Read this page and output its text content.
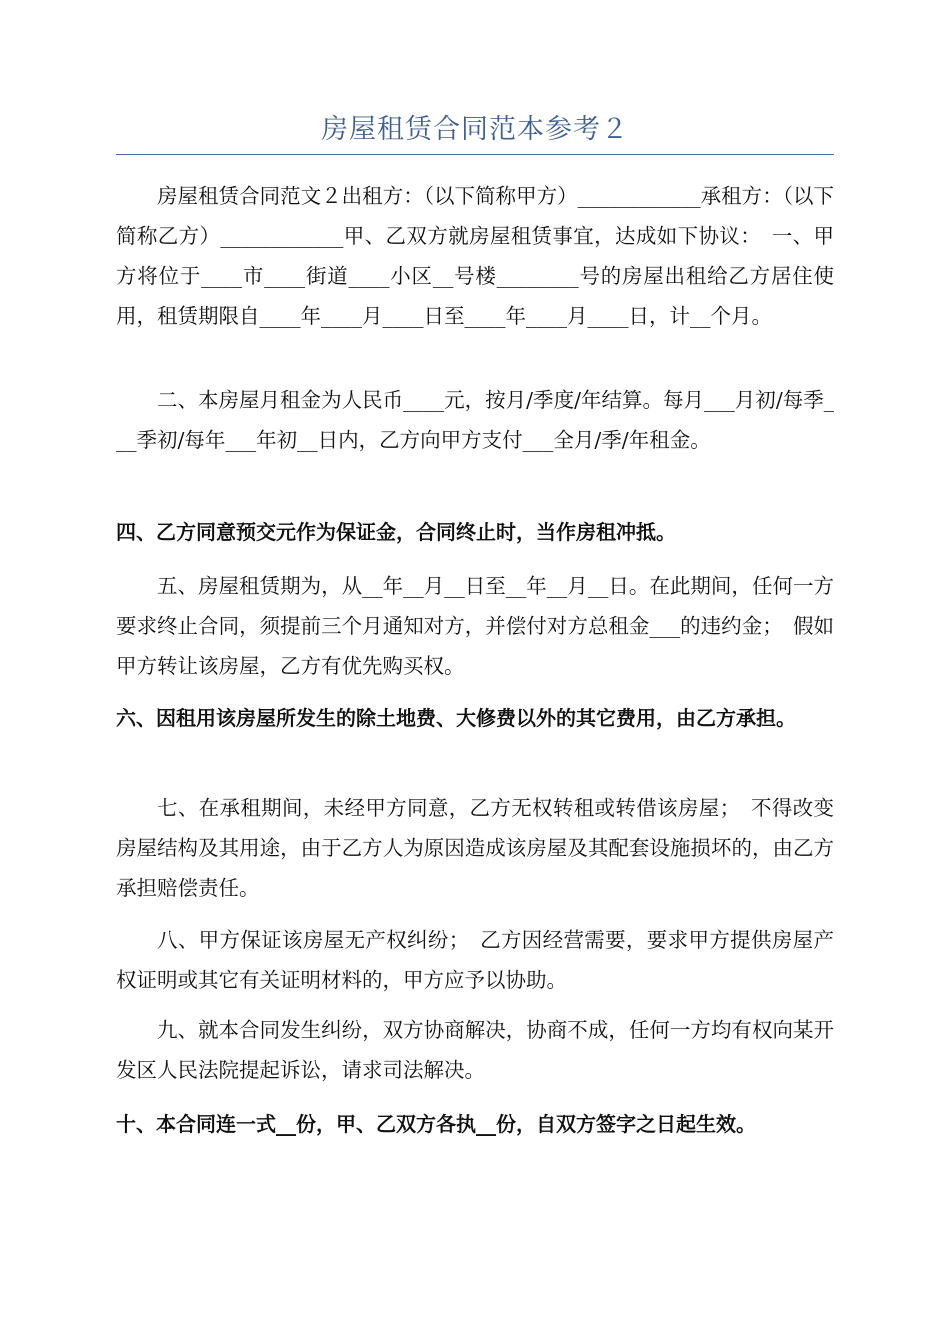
房屋租赁合同范本参考２

房屋租赁合同范文２出租方：（以下简称甲方）____________承租方：（以下简称乙方）____________甲、乙双方就房屋租赁事宜，达成如下协议：　一、甲方将位于____市____街道____小区__号楼________号的房屋出租给乙方居住使用，租赁期限自____年____月____日至____年____月____日，计__个月。

二、本房屋月租金为人民币____元，按月/季度/年结算。每月___月初/每季___季初/每年___年初__日内，乙方向甲方支付___全月/季/年租金。

四、乙方同意预交元作为保证金，合同终止时，当作房租冲抵。

五、房屋租赁期为，从__年__月__日至__年__月__日。在此期间，任何一方要求终止合同，须提前三个月通知对方，并偿付对方总租金___的违约金；　假如甲方转让该房屋，乙方有优先购买权。

六、因租用该房屋所发生的除土地费、大修费以外的其它费用，由乙方承担。

七、在承租期间，未经甲方同意，乙方无权转租或转借该房屋；　不得改变房屋结构及其用途，由于乙方人为原因造成该房屋及其配套设施损坏的，由乙方承担赔偿责任。

八、甲方保证该房屋无产权纠纷；　乙方因经营需要，要求甲方提供房屋产权证明或其它有关证明材料的，甲方应予以协助。

九、就本合同发生纠纷，双方协商解决，协商不成，任何一方均有权向某开发区人民法院提起诉讼，请求司法解决。

十、本合同连一式__份，甲、乙双方各执__份，自双方签字之日起生效。
